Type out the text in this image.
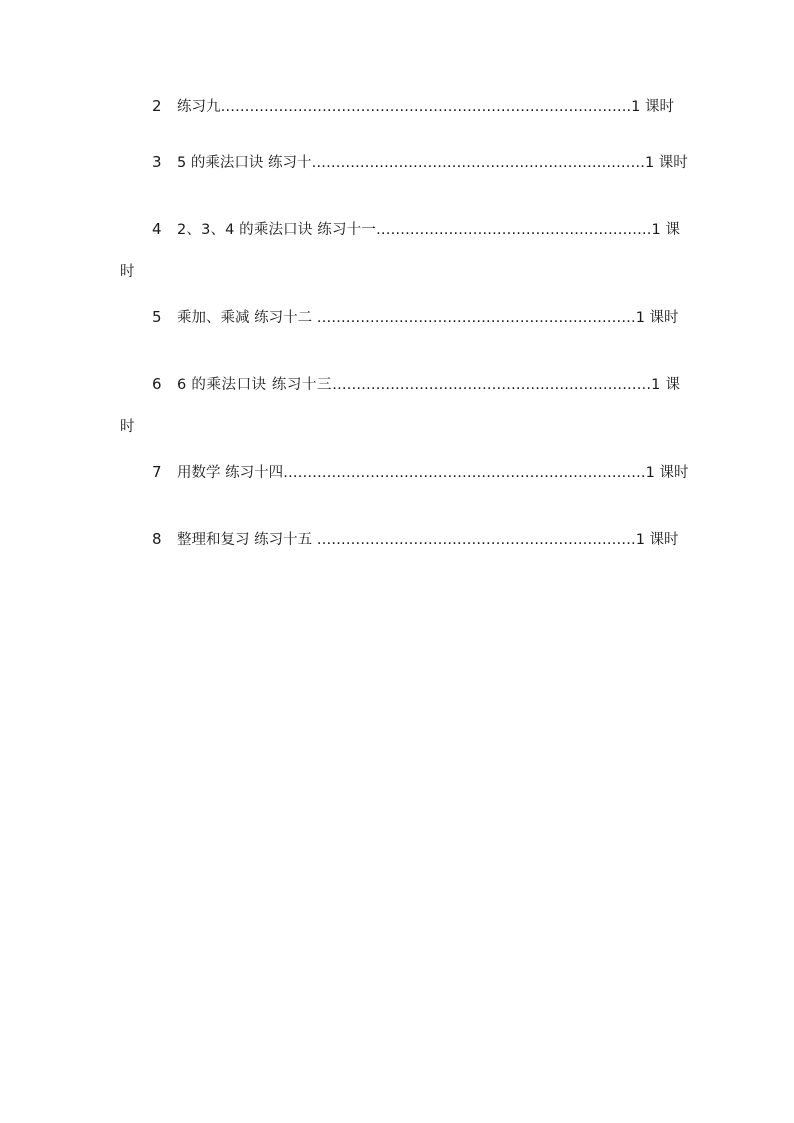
2 练习九………………………………………………………………………….1 课时

3 5 的乘法口诀 练习十……………………………………………………………1 课时

4 2、3、4 的乘法口诀 练习十一…………………………………………………1 课时

5 乘加、乘减 练习十二 …………………………………………………………1 课时

6 6 的乘法口诀 练习十三…………………………………………………………1 课时

7 用数学 练习十四…………………………………………………………………1 课时

8 整理和复习 练习十五 …………………………………………………………1 课时
